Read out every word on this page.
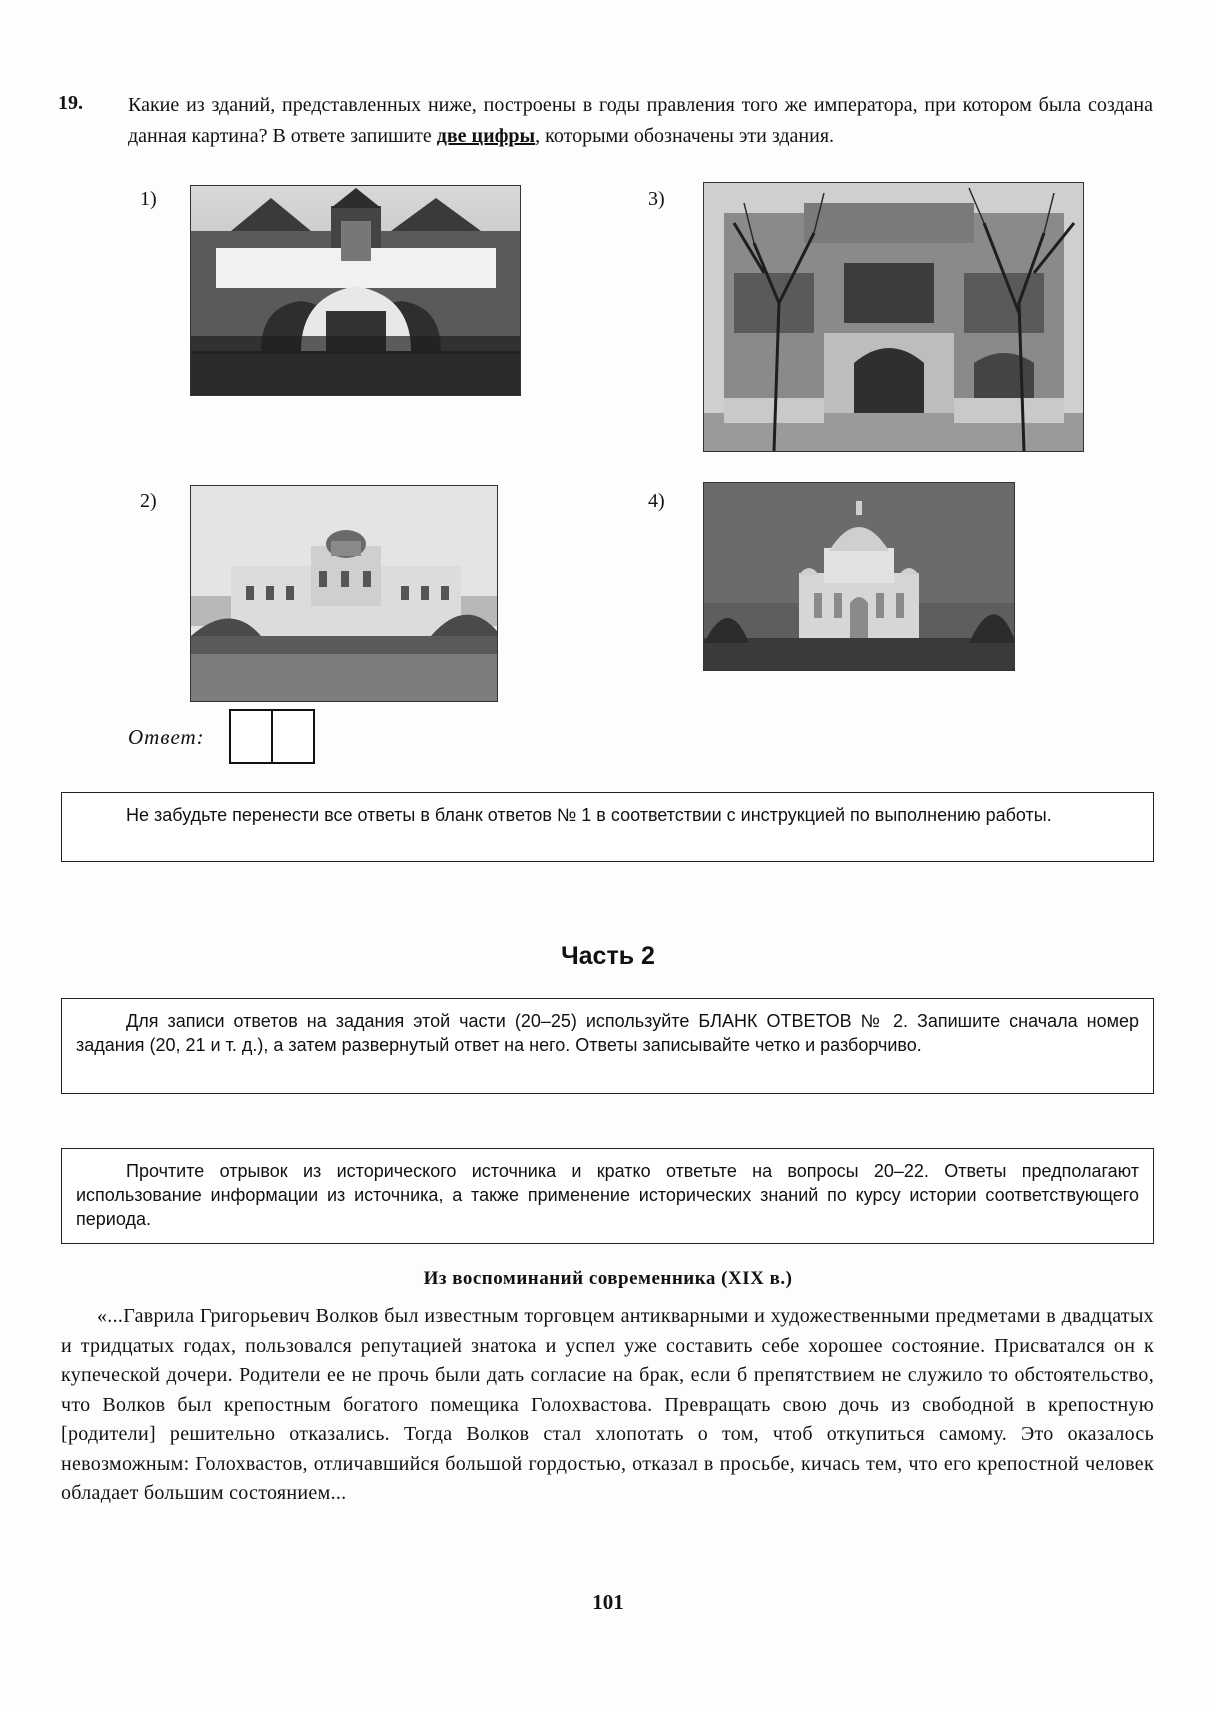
19. Какие из зданий, представленных ниже, построены в годы правления того же императора, при котором была создана данная картина? В ответе запишите две цифры, которыми обозначены эти здания.
1)	3)
2)	4)
Ответ:
Не забудьте перенести все ответы в бланк ответов № 1 в соответствии с инструкцией по выполнению работы.
Часть 2
Для записи ответов на задания этой части (20–25) используйте БЛАНК ОТВЕТОВ № 2. Запишите сначала номер задания (20, 21 и т. д.), а затем развернутый ответ на него. Ответы записывайте четко и разборчиво.
Прочтите отрывок из исторического источника и кратко ответьте на вопросы 20–22. Ответы предполагают использование информации из источника, а также применение исторических знаний по курсу истории соответствующего периода.
Из воспоминаний современника (XIX в.)
«...Гаврила Григорьевич Волков был известным торговцем антикварными и художественными предметами в двадцатых и тридцатых годах, пользовался репутацией знатока и успел уже составить себе хорошее состояние. Присватался он к купеческой дочери. Родители ее не прочь были дать согласие на брак, если б препятствием не служило то обстоятельство, что Волков был крепостным богатого помещика Голохвастова. Превращать свою дочь из свободной в крепостную [родители] решительно отказались. Тогда Волков стал хлопотать о том, чтоб откупиться самому. Это оказалось невозможным: Голохвастов, отличавшийся большой гордостью, отказал в просьбе, кичась тем, что его крепостной человек обладает большим состоянием...
101
